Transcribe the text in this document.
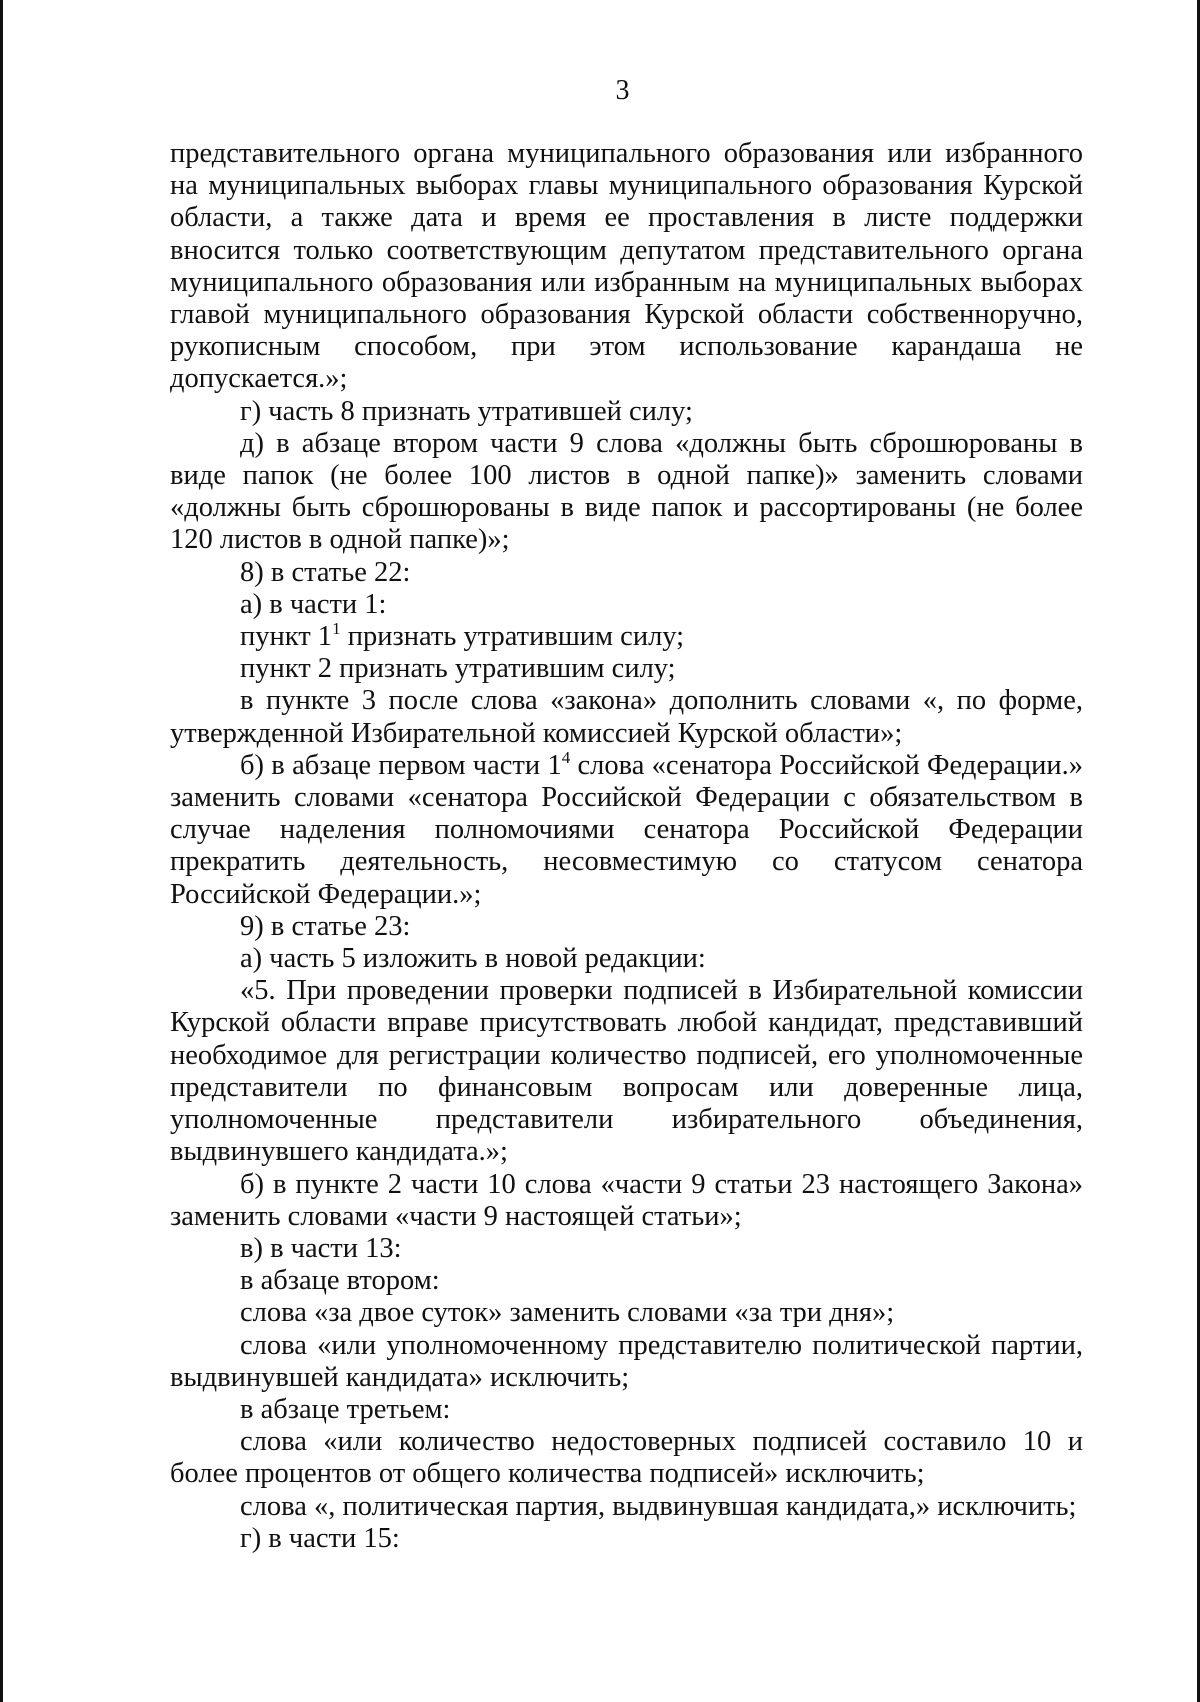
3

представительного органа муниципального образования или избранного на муниципальных выборах главы муниципального образования Курской области, а также дата и время ее проставления в листе поддержки вносится только соответствующим депутатом представительного органа муниципального образования или избранным на муниципальных выборах главой муниципального образования Курской области собственноручно, рукописным способом, при этом использование карандаша не допускается.»;

г) часть 8 признать утратившей силу;

д) в абзаце втором части 9 слова «должны быть сброшюрованы в виде папок (не более 100 листов в одной папке)» заменить словами «должны быть сброшюрованы в виде папок и рассортированы (не более 120 листов в одной папке)»;

8) в статье 22:

а) в части 1:

пункт $1^1$ признать утратившим силу;

пункт 2 признать утратившим силу;

в пункте 3 после слова «закона» дополнить словами «, по форме, утвержденной Избирательной комиссией Курской области»;

б) в абзаце первом части $1^4$ слова «сенатора Российской Федерации.» заменить словами «сенатора Российской Федерации с обязательством в случае наделения полномочиями сенатора Российской Федерации прекратить деятельность, несовместимую со статусом сенатора Российской Федерации.»;

9) в статье 23:

а) часть 5 изложить в новой редакции:

«5. При проведении проверки подписей в Избирательной комиссии Курской области вправе присутствовать любой кандидат, представивший необходимое для регистрации количество подписей, его уполномоченные представители по финансовым вопросам или доверенные лица, уполномоченные представители избирательного объединения, выдвинувшего кандидата.»;

б) в пункте 2 части 10 слова «части 9 статьи 23 настоящего Закона» заменить словами «части 9 настоящей статьи»;

в) в части 13:

в абзаце втором:

слова «за двое суток» заменить словами «за три дня»;

слова «или уполномоченному представителю политической партии, выдвинувшей кандидата» исключить;

в абзаце третьем:

слова «или количество недостоверных подписей составило 10 и более процентов от общего количества подписей» исключить;

слова «, политическая партия, выдвинувшая кандидата,» исключить;

г) в части 15:
